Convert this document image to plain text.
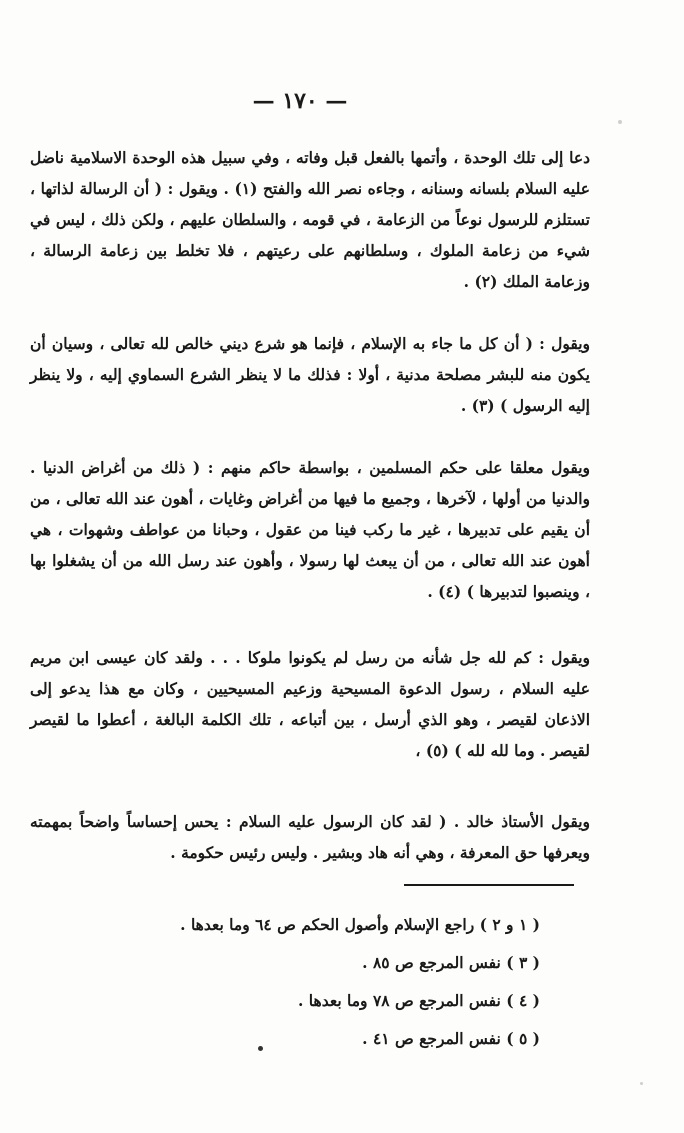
— ١٧٠ —

دعا إلى تلك الوحدة ، وأتمها بالفعل قبل وفاته ، وفي سبيل هذه الوحدة الاسلامية ناضل عليه السلام بلسانه وسنانه ، وجاءه نصر الله والفتح (١) . ويقول : ( أن الرسالة لذاتها ، تستلزم للرسول نوعاً من الزعامة ، في قومه ، والسلطان عليهم ، ولكن ذلك ، ليس في شيء من زعامة الملوك ، وسلطانهم على رعيتهم ، فلا تخلط بين زعامة الرسالة ، وزعامة الملك (٢) .

ويقول : ( أن كل ما جاء به الإسلام ، فإنما هو شرع ديني خالص لله تعالى ، وسيان أن يكون منه للبشر مصلحة مدنية ، أولا : فذلك ما لا ينظر الشرع السماوي إليه ، ولا ينظر إليه الرسول ) (٣) .

ويقول معلقا على حكم المسلمين ، بواسطة حاكم منهم : ( ذلك من أغراض الدنيا . والدنيا من أولها ، لآخرها ، وجميع ما فيها من أغراض وغايات ، أهون عند الله تعالى ، من أن يقيم على تدبيرها ، غير ما ركب فينا من عقول ، وحبانا من عواطف وشهوات ، هي أهون عند الله تعالى ، من أن يبعث لها رسولا ، وأهون عند رسل الله من أن يشغلوا بها ، وينصبوا لتدبيرها ) (٤) .

ويقول : كم لله جل شأنه من رسل لم يكونوا ملوكا . . . ولقد كان عيسى ابن مريم عليه السلام ، رسول الدعوة المسيحية وزعيم المسيحيين ، وكان مع هذا يدعو إلى الاذعان لقيصر ، وهو الذي أرسل ، بين أتباعه ، تلك الكلمة البالغة ، أعطوا ما لقيصر لقيصر . وما لله لله ) (٥) ،

ويقول الأستاذ خالد . ( لقد كان الرسول عليه السلام : يحس إحساساً واضحاً بمهمته ويعرفها حق المعرفة ، وهي أنه هاد وبشير . وليس رئيس حكومة .

( ١ و ٢ ) راجع الإسلام وأصول الحكم ص ٦٤ وما بعدها .
( ٣ ) نفس المرجع ص ٨٥ .
( ٤ ) نفس المرجع ص ٧٨ وما بعدها .
( ٥ ) نفس المرجع ص ٤١ .
